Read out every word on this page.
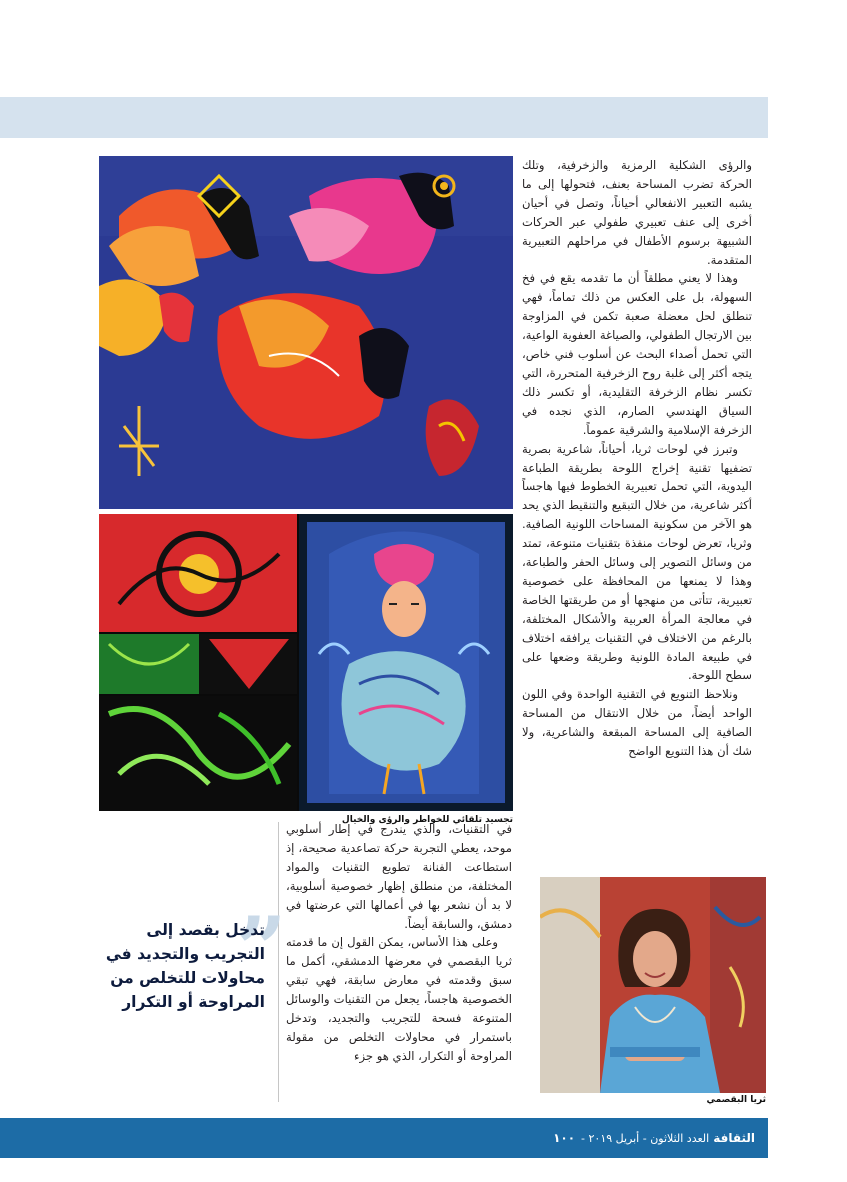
تجسيد تلقائي للخواطر والرؤى والخيال

والرؤى الشكلية الرمزية والزخرفية، وتلك الحركة تضرب المساحة بعنف، فتحولها إلى ما يشبه التعبير الانفعالي أحياناً، وتصل في أحيان أخرى إلى عنف تعبيري طفولي عبر الحركات الشبيهة برسوم الأطفال في مراحلهم التعبيرية المتقدمة.

وهذا لا يعني مطلقاً أن ما تقدمه يقع في فخ السهولة، بل على العكس من ذلك تماماً، فهي تنطلق لحل معضلة صعبة تكمن في المزاوجة بين الارتجال الطفولي، والصياغة العفوية الواعية، التي تحمل أصداء البحث عن أسلوب فني خاص، يتجه أكثر إلى غلبة روح الزخرفية المتحررة، التي تكسر نظام الزخرفة التقليدية، أو تكسر ذلك السياق الهندسي الصارم، الذي نجده في الزخرفة الإسلامية والشرقية عموماً.

وتبرز في لوحات ثريا، أحياناً، شاعرية بصرية تضفيها تقنية إخراج اللوحة بطريقة الطباعة اليدوية، التي تحمل تعبيرية الخطوط فيها هاجساً أكثر شاعرية، من خلال التبقيع والتنقيط الذي يحد هو الآخر من سكونية المساحات اللونية الصافية. وثريا، تعرض لوحات منفذة بتقنيات متنوعة، تمتد من وسائل التصوير إلى وسائل الحفر والطباعة، وهذا لا يمنعها من المحافظة على خصوصية تعبيرية، تتأتى من منهجها أو من طريقتها الخاصة في معالجة المرأة العربية والأشكال المختلفة، بالرغم من الاختلاف في التقنيات يرافقه اختلاف في طبيعة المادة اللونية وطريقة وضعها على سطح اللوحة.

ونلاحظ التنويع في التقنية الواحدة وفي اللون الواحد أيضاً، من خلال الانتقال من المساحة الصافية إلى المساحة المبقعة والشاعرية، ولا شك أن هذا التنويع الواضح

في التقنيات، والذي يندرج في إطار أسلوبي موحد، يعطي التجربة حركة تصاعدية صحيحة، إذ استطاعت الفنانة تطويع التقنيات والمواد المختلفة، من منطلق إظهار خصوصية أسلوبية، لا بد أن نشعر بها في أعمالها التي عرضتها في دمشق، والسابقة أيضاً.

وعلى هذا الأساس، يمكن القول إن ما قدمته ثريا البقصمي في معرضها الدمشقي، أكمل ما سبق وقدمته في معارض سابقة، فهي تبقي الخصوصية هاجساً، يجعل من التقنيات والوسائل المتنوعة فسحة للتجريب والتجديد، وتدخل باستمرار في محاولات التخلص من مقولة المراوحة أو التكرار، الذي هو جزء

”
تدخل بقصد إلى التجريب والتجديد في محاولات للتخلص من المراوحة أو التكرار
ثريا البقصمي
الثقافةالعدد الثلاثون - أبريل ٢٠١٩ -١٠٠
